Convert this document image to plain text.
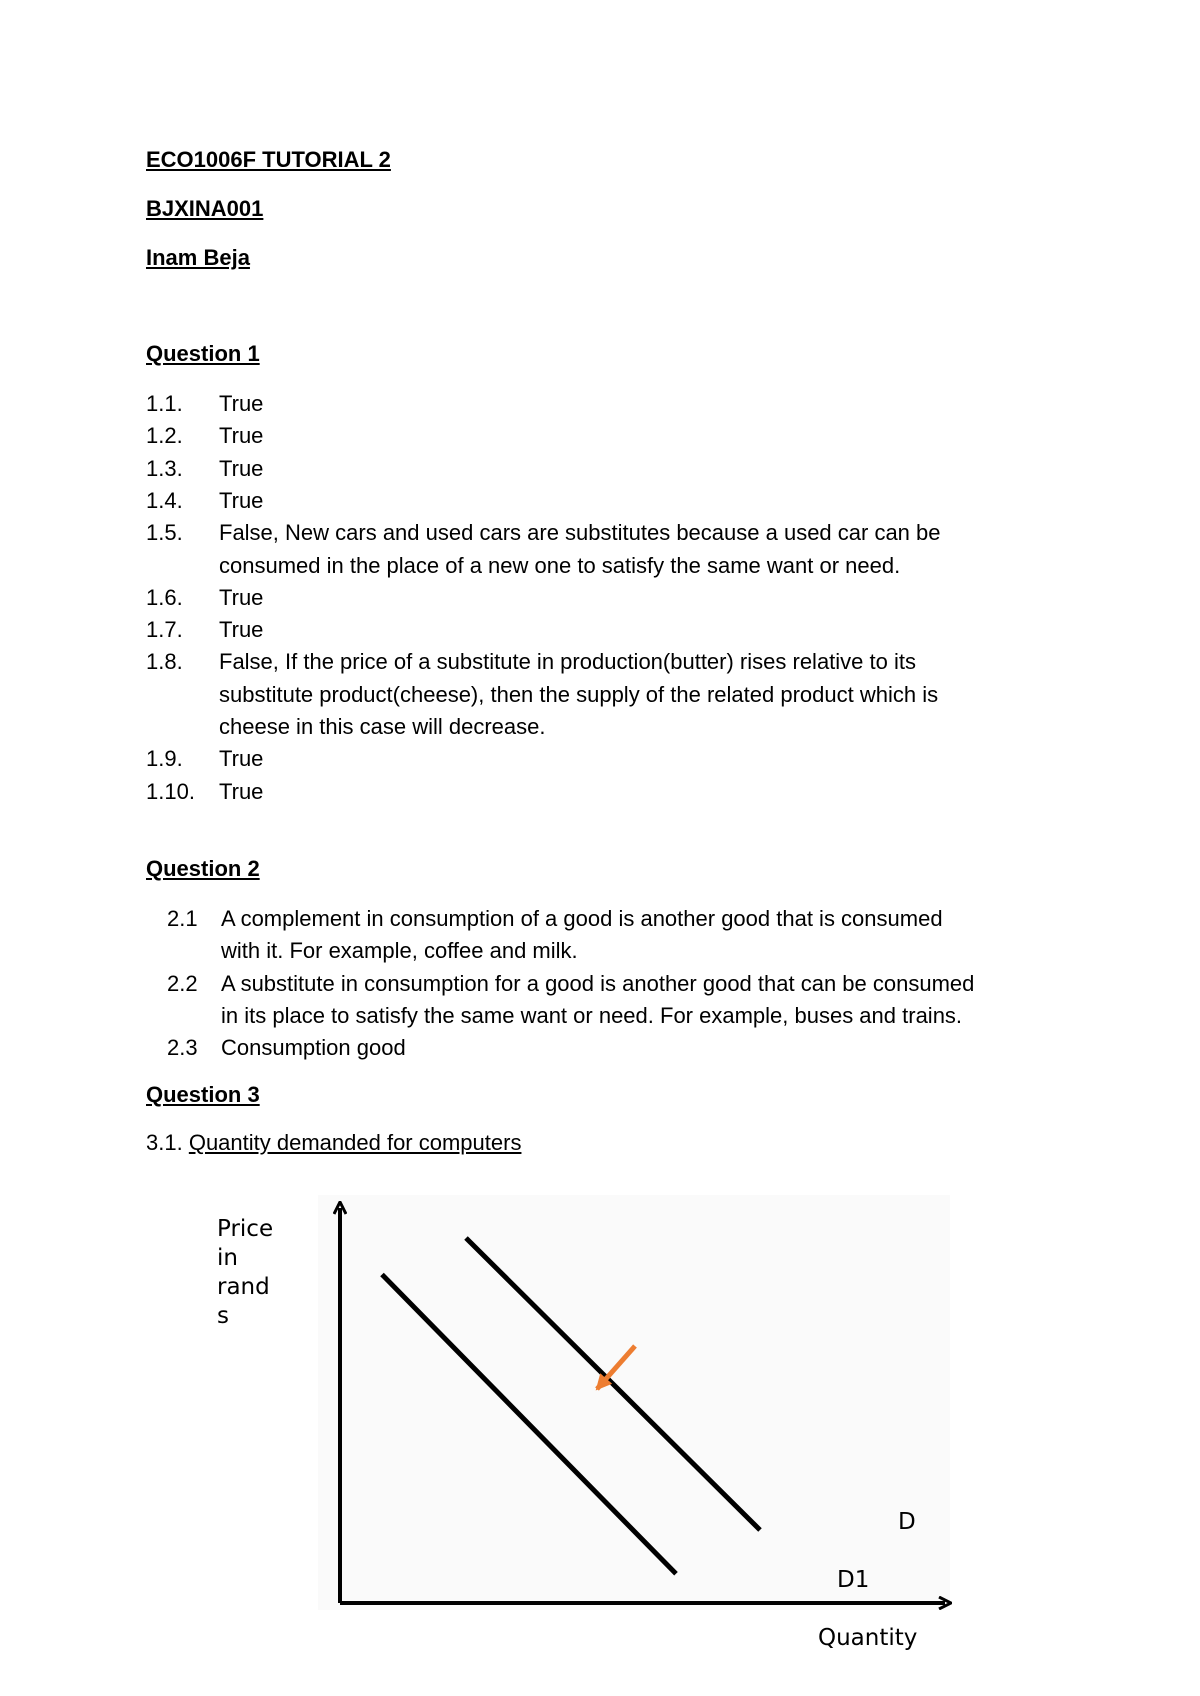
ECO1006F TUTORIAL 2
BJXINA001
Inam Beja
Question 1
1.1. True
1.2. True
1.3. True
1.4. True
1.5. False, New cars and used cars are substitutes because a used car can be
consumed in the place of a new one to satisfy the same want or need.
1.6. True
1.7. True
1.8. False, If the price of a substitute in production(butter) rises relative to its
substitute product(cheese), then the supply of the related product which is
cheese in this case will decrease.
1.9. True
1.10. True
Question 2
2.1 A complement in consumption of a good is another good that is consumed
with it. For example, coffee and milk.
2.2 A substitute in consumption for a good is another good that can be consumed
in its place to satisfy the same want or need. For example, buses and trains.
2.3 Consumption good
Question 3
3.1. Quantity demanded for computers
Price
in
rand
s
Quantity
D
D1
